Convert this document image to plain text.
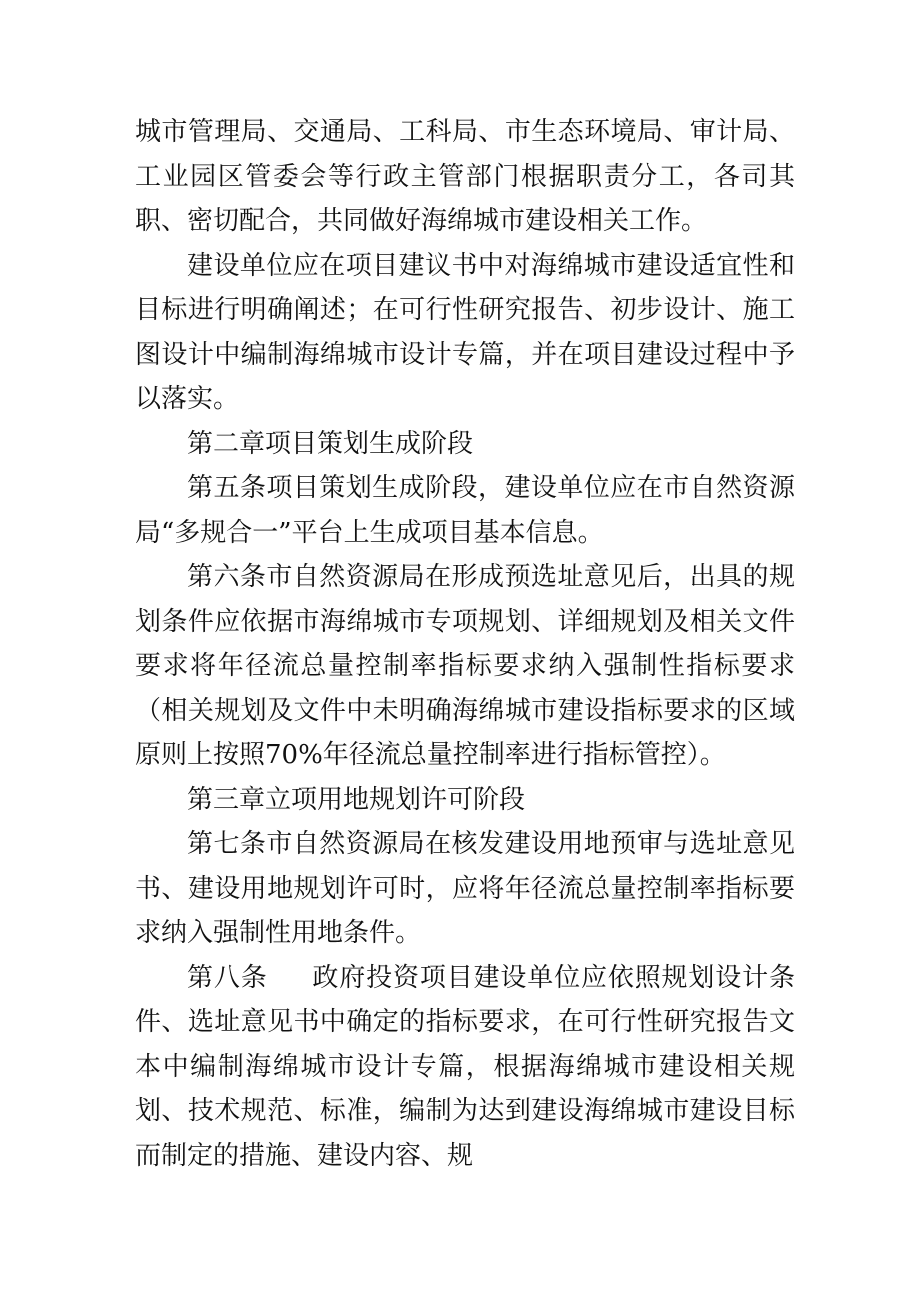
城市管理局、交通局、工科局、市生态环境局、审计局、工业园区管委会等行政主管部门根据职责分工，各司其职、密切配合，共同做好海绵城市建设相关工作。

建设单位应在项目建议书中对海绵城市建设适宜性和目标进行明确阐述；在可行性研究报告、初步设计、施工图设计中编制海绵城市设计专篇，并在项目建设过程中予以落实。

第二章项目策划生成阶段

第五条项目策划生成阶段，建设单位应在市自然资源局“多规合一”平台上生成项目基本信息。

第六条市自然资源局在形成预选址意见后，出具的规划条件应依据市海绵城市专项规划、详细规划及相关文件要求将年径流总量控制率指标要求纳入强制性指标要求（相关规划及文件中未明确海绵城市建设指标要求的区域原则上按照70%年径流总量控制率进行指标管控）。

第三章立项用地规划许可阶段

第七条市自然资源局在核发建设用地预审与选址意见书、建设用地规划许可时，应将年径流总量控制率指标要求纳入强制性用地条件。

第八条 政府投资项目建设单位应依照规划设计条件、选址意见书中确定的指标要求，在可行性研究报告文本中编制海绵城市设计专篇，根据海绵城市建设相关规划、技术规范、标准，编制为达到建设海绵城市建设目标而制定的措施、建设内容、规
